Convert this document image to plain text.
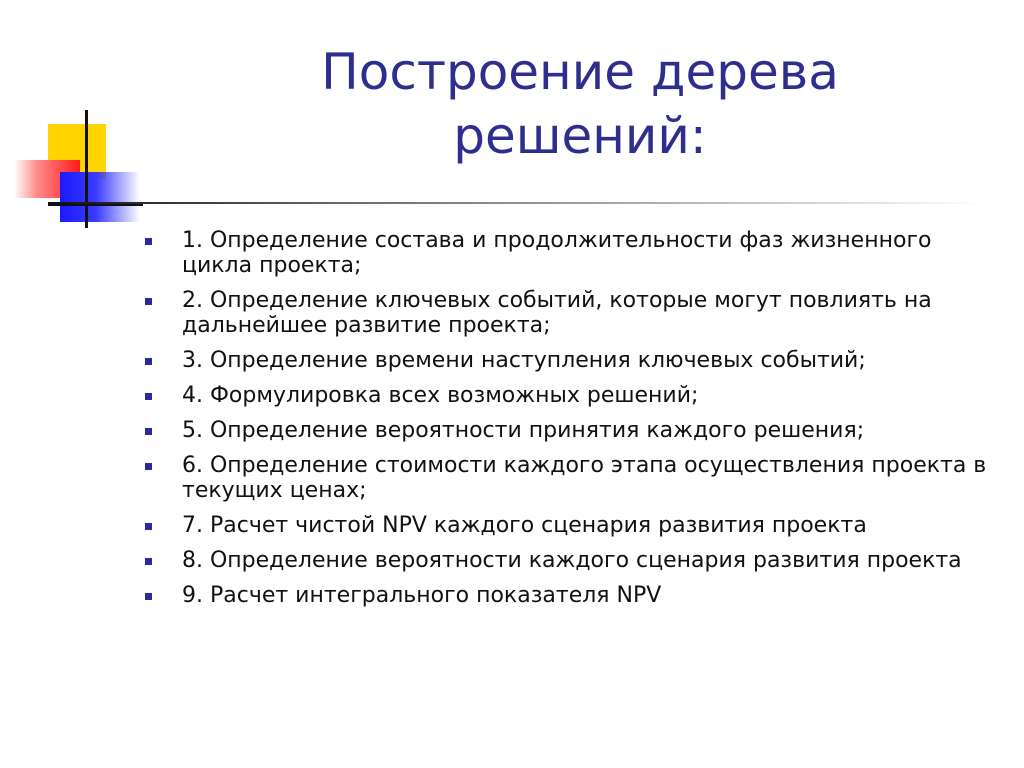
Построение дерева решений:
1. Определение состава и продолжительности фаз жизненного цикла проекта;
2. Определение ключевых событий, которые могут повлиять на дальнейшее развитие проекта;
3. Определение времени наступления ключевых событий;
4. Формулировка всех возможных решений;
5. Определение вероятности принятия каждого решения;
6. Определение стоимости каждого этапа осуществления проекта в текущих ценах;
7. Расчет чистой NPV каждого сценария развития проекта
8. Определение вероятности каждого сценария развития проекта
9. Расчет интегрального показателя NPV
